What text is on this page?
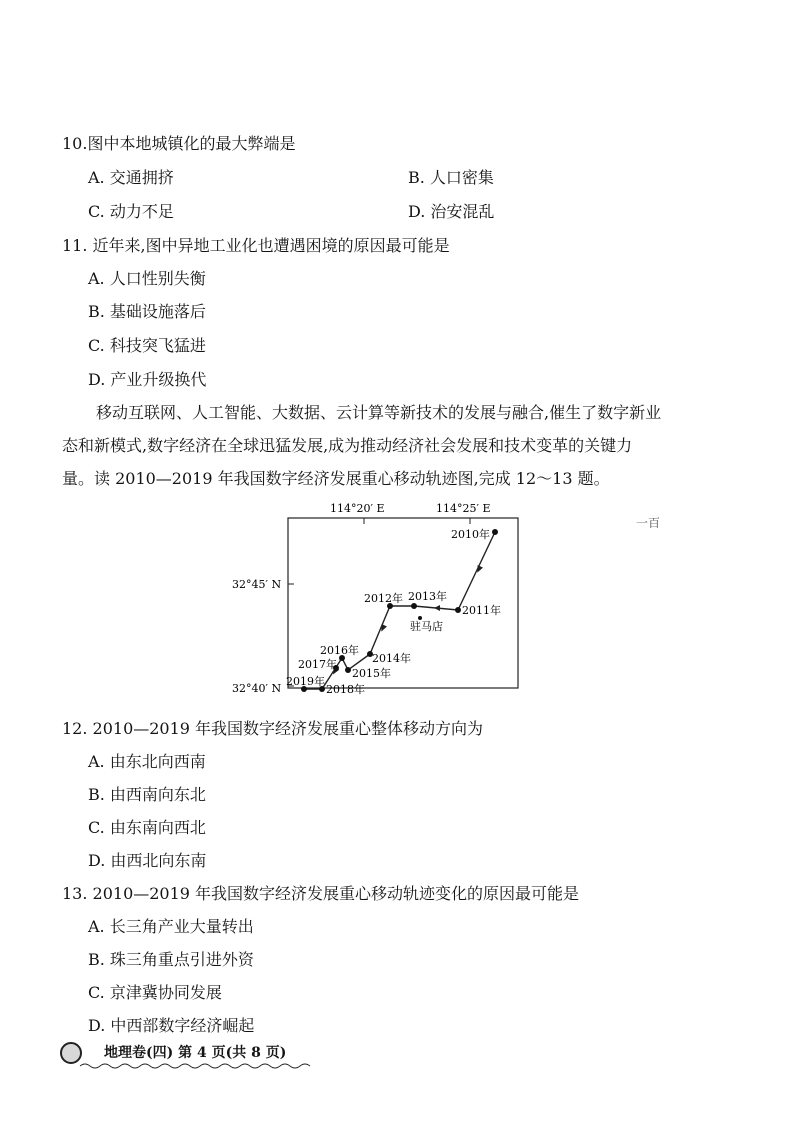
10.图中本地城镇化的最大弊端是
A. 交通拥挤	B. 人口密集
C. 动力不足	D. 治安混乱
11. 近年来,图中异地工业化也遭遇困境的原因最可能是
A. 人口性别失衡
B. 基础设施落后
C. 科技突飞猛进
D. 产业升级换代
移动互联网、人工智能、大数据、云计算等新技术的发展与融合,催生了数字新业
态和新模式,数字经济在全球迅猛发展,成为推动经济社会发展和技术变革的关键力
量。读 2010—2019 年我国数字经济发展重心移动轨迹图,完成 12～13 题。
114°20′ E	114°25′ E
32°45′ N
32°40′ N
2010年
2011年
2012年 2013年
2014年
2015年
2016年
2017年
2018年
2019年
驻马店
一百
12. 2010—2019 年我国数字经济发展重心整体移动方向为
A. 由东北向西南
B. 由西南向东北
C. 由东南向西北
D. 由西北向东南
13. 2010—2019 年我国数字经济发展重心移动轨迹变化的原因最可能是
A. 长三角产业大量转出
B. 珠三角重点引进外资
C. 京津冀协同发展
D. 中西部数字经济崛起
地理卷(四) 第 4 页(共 8 页)
